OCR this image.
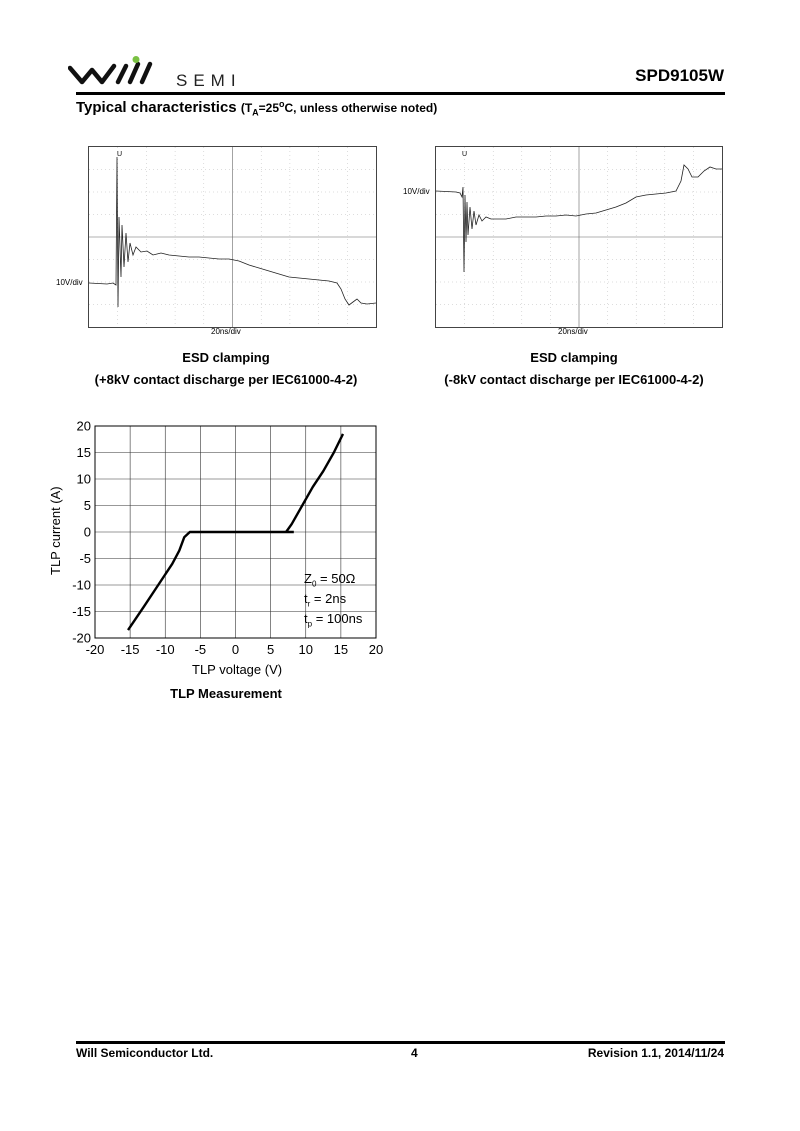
SEMI	SPD9105W
Typical characteristics ($T_A=25^oC$, unless otherwise noted)
U
10V/div
20ns/div
ESD clamping
(+8kV contact discharge per IEC61000-4-2)
U
10V/div
20ns/div
ESD clamping
(-8kV contact discharge per IEC61000-4-2)
-20 -15 -10 -5 0 5 10 15 20
-20
-15
-10
-5
0
5
10
15
20
TLP voltage (V)
TLP current (A)
$Z_0 = 50\Omega$
$t_r = 2ns$
$t_p = 100ns$
TLP Measurement
Will Semiconductor Ltd.	4	Revision 1.1, 2014/11/24
